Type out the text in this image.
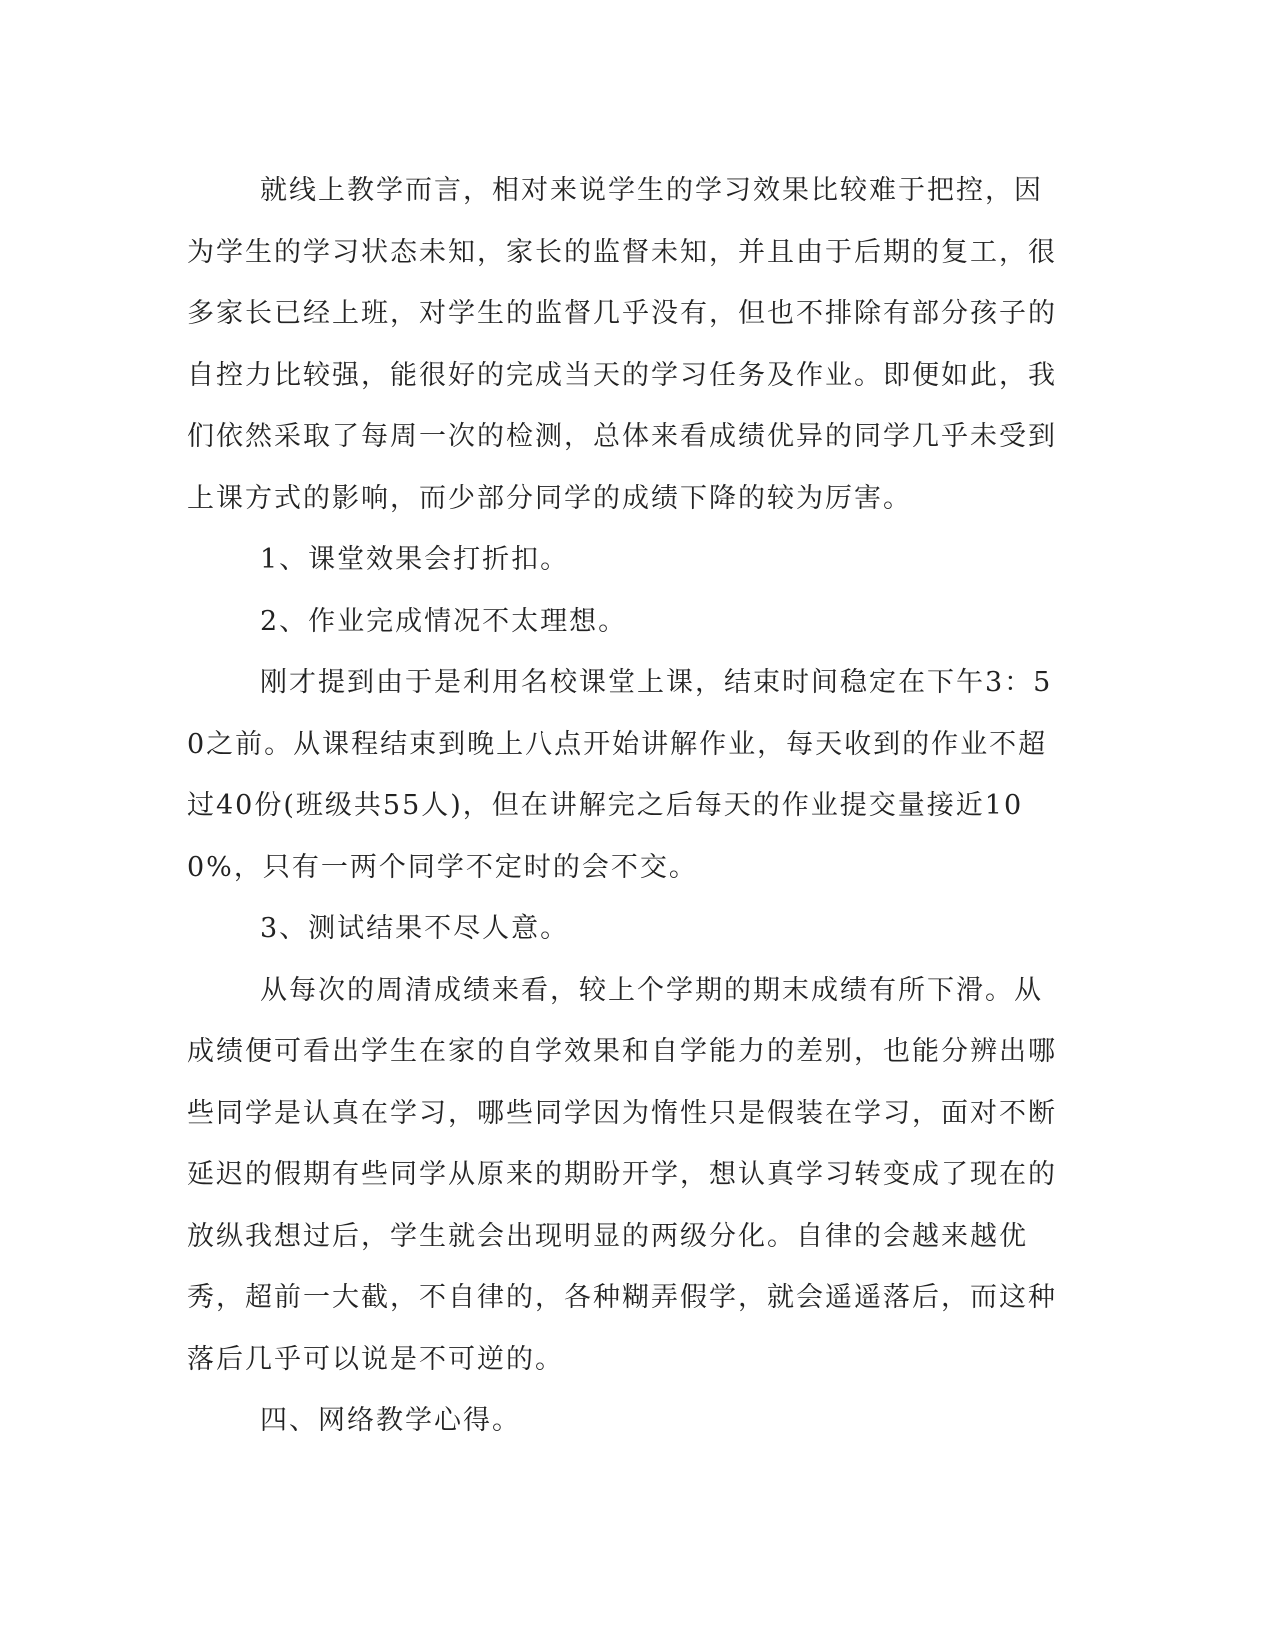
就线上教学而言，相对来说学生的学习效果比较难于把控，因为学生的学习状态未知，家长的监督未知，并且由于后期的复工，很多家长已经上班，对学生的监督几乎没有，但也不排除有部分孩子的自控力比较强，能很好的完成当天的学习任务及作业。即便如此，我们依然采取了每周一次的检测，总体来看成绩优异的同学几乎未受到上课方式的影响，而少部分同学的成绩下降的较为厉害。

1、课堂效果会打折扣。

2、作业完成情况不太理想。

刚才提到由于是利用名校课堂上课，结束时间稳定在下午3：50之前。从课程结束到晚上八点开始讲解作业，每天收到的作业不超过40份(班级共55人)，但在讲解完之后每天的作业提交量接近100%，只有一两个同学不定时的会不交。

3、测试结果不尽人意。

从每次的周清成绩来看，较上个学期的期末成绩有所下滑。从成绩便可看出学生在家的自学效果和自学能力的差别，也能分辨出哪些同学是认真在学习，哪些同学因为惰性只是假装在学习，面对不断延迟的假期有些同学从原来的期盼开学，想认真学习转变成了现在的放纵我想过后，学生就会出现明显的两级分化。自律的会越来越优秀，超前一大截，不自律的，各种糊弄假学，就会遥遥落后，而这种落后几乎可以说是不可逆的。

四、网络教学心得。
